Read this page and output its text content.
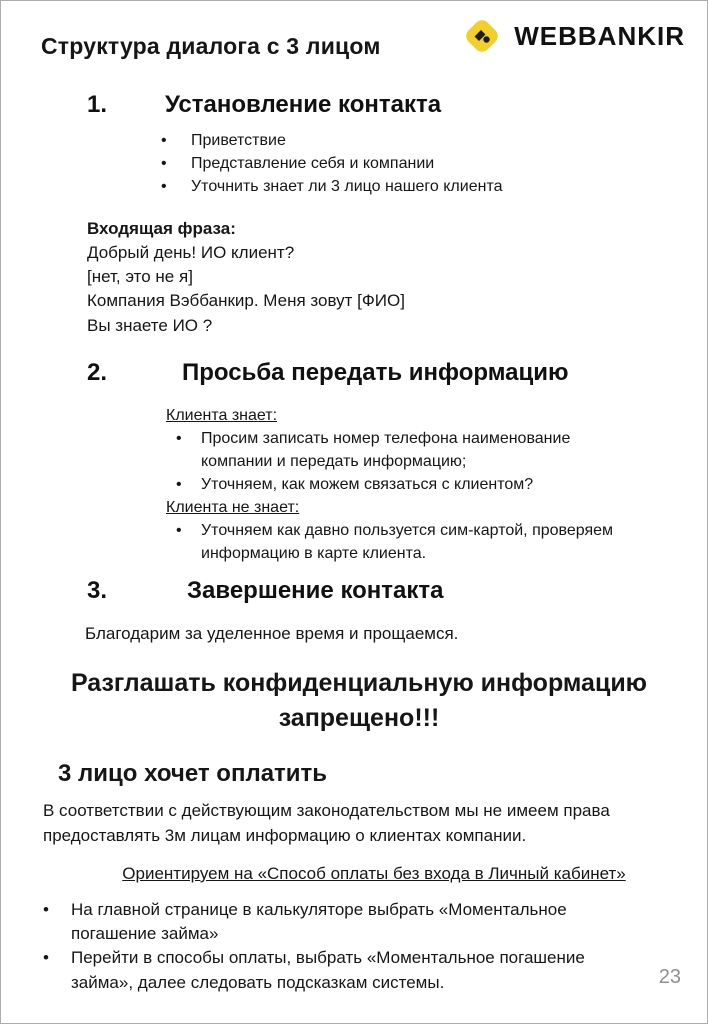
Структура диалога с 3 лицом	WEBBANKIR
1.	Установление контакта
•	Приветствие
•	Представление себя и компании
•	Уточнить знает ли 3 лицо нашего клиента
Входящая фраза:
Добрый день! ИО клиент?
[нет, это не я]
Компания Вэббанкир. Меня зовут [ФИО]
Вы знаете ИО ?
2.	Просьба передать информацию
Клиента знает:
•	Просим записать номер телефона наименование компании и передать информацию;
•	Уточняем, как можем связаться с клиентом?
Клиента не знает:
•	Уточняем как давно пользуется сим-картой, проверяем информацию в карте клиента.
3.	Завершение контакта
Благодарим за уделенное время и прощаемся.
Разглашать конфиденциальную информацию запрещено!!!
3 лицо хочет оплатить
В соответствии с действующим законодательством мы не имеем права предоставлять 3м лицам информацию о клиентах компании.
Ориентируем на «Способ оплаты без входа в Личный кабинет»
•	На главной странице в калькуляторе выбрать «Моментальное погашение займа»
•	Перейти в способы оплаты, выбрать «Моментальное погашение займа», далее следовать подсказкам системы.	23
